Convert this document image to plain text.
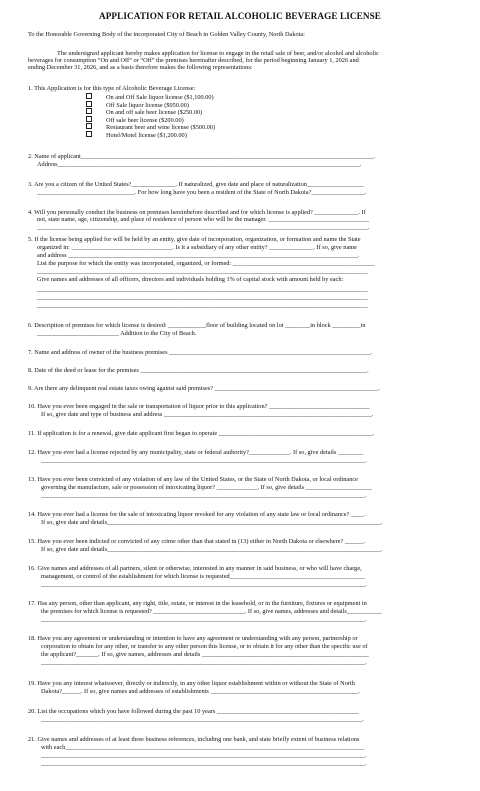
APPLICATION FOR RETAIL ALCOHOLIC BEVERAGE LICENSE
To the Honorable Governing Body of the incorporated City of Beach in Golden Valley County, North Dakota:
The undersigned applicant hereby makes application for license to engage in the retail sale of beer, and/or alcohol and alcoholic
beverages for consumption “On and Off” or “Off” the premises hereinafter described, for the period beginning January 1, 2026 and
ending December 31, 2026, and as a basis therefore makes the following representations:
1. This Application is for this type of Alcoholic Beverage License:
2. Name of applicant_____________________________________________________________________________________________.
Address________________________________________________________________________________________________.
3. Are you a citizen of the United States?______________. If naturalized, give date and place of naturalization__________________
_______________________________. For how long have you been a resident of the State of North Dakota?_________________.
4. Will you personally conduct the business on premises hereinbefore described and for which license is applied? ______________. If
not, state name, age, citizenship, and place of residence of person who will be the manager. ________________________________
_________________________________________________________________________________________________________.
5. If the license being applied for will be held by an entity, give date of incorporation, organization, or formation and name the State
organized in: ________________________________. Is it a subsidiary of any other entity? ______________. If so, give name
and address ____________________________________________________________________________________________.
List the purpose for which the entity was incorporated, organized, or formed: _____________________________________________
_________________________________________________________________________________________________________
Give names and addresses of all officers, directors and individuals holding 1% of capital stock with amount held by each:
_________________________________________________________________________________________________________
_________________________________________________________________________________________________________
_________________________________________________________________________________________________________
6. Description of premises for which license is desired: ____________floor of building located on lot ________in block _________in
__________________________ Addition to the City of Beach.
7. Name and address of owner of the business premises ________________________________________________________________.
8. Date of the deed or lease for the premises ________________________________________________________________________.
9. Are there any delinquent real estate taxes owing against said premises? ____________________________________________________.
10. Have you ever been engaged in the sale or transportation of liquor prior to this application? ________________________________
If so, give date and type of business and address __________________________________________________________________.
11. If application is for a renewal, give date applicant first began to operate _________________________________________________.
12. Have you ever had a license rejected by any municipality, state or federal authority?_____________. If so, give details ________
_______________________________________________________________________________________________________.
13. Have you ever been convicted of any violation of any law of the United States, or the State of North Dakota, or local ordinance
governing the manufacture, sale or possession of intoxicating liquor? _____________. If so, give details _____________________
_______________________________________________________________________________________________________.
14. Have you ever had a license for the sale of intoxicating liquor revoked for any violation of any state law or local ordinance? ____.
If so, give date and details_______________________________________________________________________________________.
15. Have you ever been indicted or convicted of any crime other than that stated in (13) either in North Dakota or elsewhere? ______.
If so, give date and details_______________________________________________________________________________________.
16. Give names and addresses of all partners, silent or otherwise, interested in any manner in said business, or who will have charge,
management, or control of the establishment for which license is requested___________________________________________
_______________________________________________________________________________________________________.
17. Has any person, other than applicant, any right, title, estate, or interest in the leasehold, or in the furniture, fixtures or equipment in
the premises for which license is requested? _____________________________. If so, give names, addresses and details___________
_______________________________________________________________________________________________________.
18. Have you any agreement or understanding or intention to have any agreement or understanding with any person, partnership or
corporation to obtain for any other, or transfer to any other person this license, or to obtain it for any other than the specific use of
the applicant?_______. If so, give names, addresses and details _____________________________________________________
_______________________________________________________________________________________________________.
19. Have you any interest whatsoever, directly or indirectly, in any other liquor establishment within or without the State of North
Dakota?______. If so, give names and addresses of establishments _______________________________________________.
20. List the occupations which you have followed during the past 10 years _____________________________________________
______________________________________________________________________________________________________.
21. Give names and addresses of at least three business references, including one bank, and state briefly extent of business relations
with each_______________________________________________________________________________________________
_______________________________________________________________________________________________________.
_______________________________________________________________________________________________________.
On and Off Sale liquor license ($1,100.00)
Off Sale liquor license ($950.00)
On and off sale beer license ($250.00)
Off sale beer license ($200.00)
Restaurant beer and wine license ($500.00)
Hotel/Motel license ($1,200.00)
